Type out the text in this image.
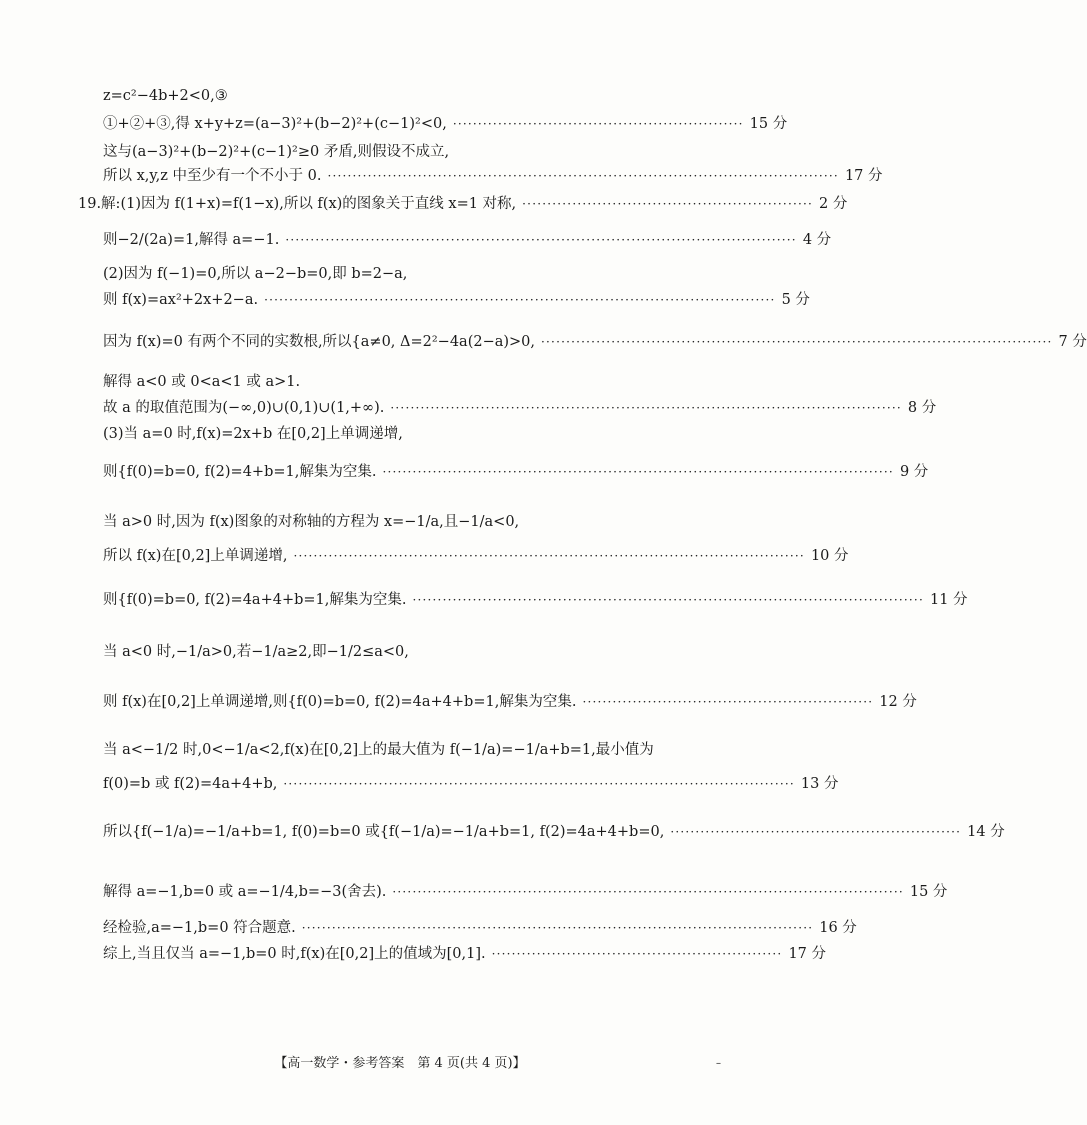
z=c²−4b+2<0,③
①+②+③,得 x+y+z=(a−3)²+(b−2)²+(c−1)²<0, ·························································· 15 分
这与(a−3)²+(b−2)²+(c−1)²≥0 矛盾,则假设不成立,
所以 x,y,z 中至少有一个不小于 0. ······································································································ 17 分
19.解:(1)因为 f(1+x)=f(1−x),所以 f(x)的图象关于直线 x=1 对称, ·························································· 2 分
则−2/(2a)=1,解得 a=−1. ······································································································ 4 分
(2)因为 f(−1)=0,所以 a−2−b=0,即 b=2−a,
则 f(x)=ax²+2x+2−a. ······································································································ 5 分
因为 f(x)=0 有两个不同的实数根,所以{a≠0, Δ=2²−4a(2−a)>0, ······································································································ 7 分
解得 a<0 或 0<a<1 或 a>1.
故 a 的取值范围为(−∞,0)∪(0,1)∪(1,+∞). ······································································································ 8 分
(3)当 a=0 时,f(x)=2x+b 在[0,2]上单调递增,
则{f(0)=b=0, f(2)=4+b=1,解集为空集. ······································································································ 9 分
当 a>0 时,因为 f(x)图象的对称轴的方程为 x=−1/a,且−1/a<0,
所以 f(x)在[0,2]上单调递增, ······································································································ 10 分
则{f(0)=b=0, f(2)=4a+4+b=1,解集为空集. ······································································································ 11 分
当 a<0 时,−1/a>0,若−1/a≥2,即−1/2≤a<0,
则 f(x)在[0,2]上单调递增,则{f(0)=b=0, f(2)=4a+4+b=1,解集为空集. ·························································· 12 分
当 a<−1/2 时,0<−1/a<2,f(x)在[0,2]上的最大值为 f(−1/a)=−1/a+b=1,最小值为
f(0)=b 或 f(2)=4a+4+b, ······································································································ 13 分
所以{f(−1/a)=−1/a+b=1, f(0)=b=0 或{f(−1/a)=−1/a+b=1, f(2)=4a+4+b=0, ·························································· 14 分
解得 a=−1,b=0 或 a=−1/4,b=−3(舍去). ······································································································ 15 分
经检验,a=−1,b=0 符合题意. ······································································································ 16 分
综上,当且仅当 a=−1,b=0 时,f(x)在[0,2]上的值域为[0,1]. ·························································· 17 分
【高一数学・参考答案　第 4 页(共 4 页)】	–
